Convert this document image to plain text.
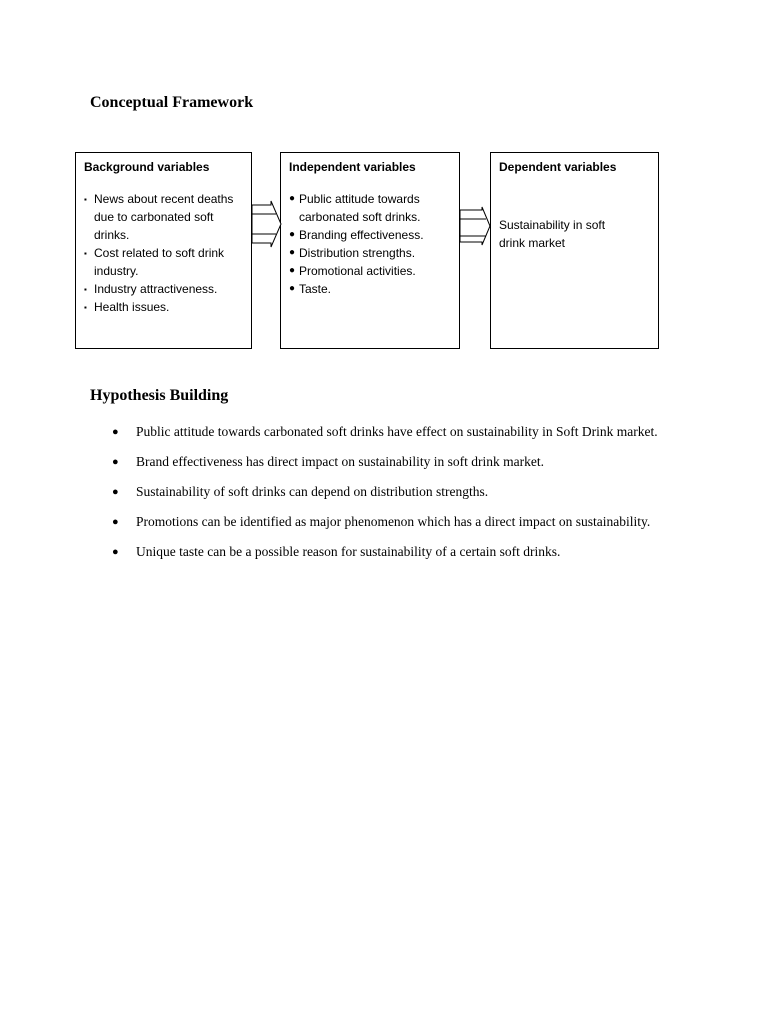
Conceptual Framework
Background variables
▪ News about recent deaths due to carbonated soft drinks.
▪ Cost related to soft drink industry.
▪ Industry attractiveness.
▪ Health issues.
Independent variables
● Public attitude towards carbonated soft drinks.
● Branding effectiveness.
● Distribution strengths.
● Promotional activities.
● Taste.
Dependent variables
Sustainability in soft drink market
Hypothesis Building
● Public attitude towards carbonated soft drinks have effect on sustainability in Soft Drink market.
● Brand effectiveness has direct impact on sustainability in soft drink market.
● Sustainability of soft drinks can depend on distribution strengths.
● Promotions can be identified as major phenomenon which has a direct impact on sustainability.
● Unique taste can be a possible reason for sustainability of a certain soft drinks.
